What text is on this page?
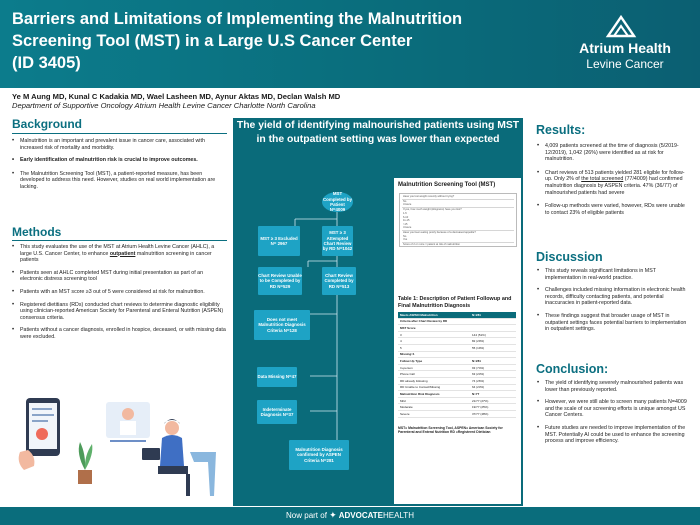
Barriers and Limitations of Implementing the Malnutrition
Screening Tool (MST) in a Large U.S Cancer Center
(ID 3405)
Atrium Health
Levine Cancer
Ye M Aung MD, Kunal C Kadakia MD, Wael Lasheen MD, Aynur Aktas MD, Declan Walsh MD
Department of Supportive Oncology Atrium Health Levine Cancer Charlotte North Carolina
Background
• Malnutrition is an important and prevalent issue in cancer care, associated with increased risk of mortality and morbidity.
• Early identification of malnutrition risk is crucial to improve outcomes.
• The Malnutrition Screening Tool (MST), a patient-reported measure, has been developed to address this need. However, studies on real world implementation are lacking.
Methods
• This study evaluates the use of the MST at Atrium Health Levine Cancer (AHLC), a large U.S. Cancer Center, to enhance outpatient malnutrition screening in cancer patients
• Patients seen at AHLC completed MST during initial presentation as part of an electronic distress screening tool
• Patients with an MST score ≥3 out of 5 were considered at risk for malnutrition.
• Registered dietitians (RDs) conducted chart reviews to determine diagnostic eligibility using clinician-reported American Society for Parenteral and Enteral Nutrition (ASPEN) consensus criteria.
• Patients without a cancer diagnosis, enrolled in hospice, deceased, or with missing data were excluded.
The yield of identifying malnourished patients using MST in the outpatient setting was lower than expected
MST Completed by Patient N=4009
MST ≥ 3 Excluded N= 2967
MST ≥ 3 Attempted Chart Review by RD N=1042
Chart Review Unable to be Completed by RD N=529
Chart Review Completed by RD N=513
Does not meet Malnutrition Diagnosis Criteria N=128
Data Missing N=47
Indeterminate Diagnosis N=37
Malnutrition Diagnosis confirmed by ASPEN Criteria N=281
Malnutrition Screening Tool (MST)
Have you lost weight recently without trying?
No
Unsure
If yes, how much weight (kilograms) have you lost?
1-5
6-10
11-15
>15
Unsure
Have you been eating poorly because of a decreased appetite?
No
Yes
Score of 2 or more = patient at risk of malnutrition
Table 1: Description of Patient Followup and Final Malnutrition Diagnosis
Meets ASPEN Malnutrition	N=281
Criteria after Chart Review by RD
MST Score
3	144 (51%)
4	82 (29%)
5	55 (19%)
Missing=1
Follow-Up Type	N=281
In-person	93 (74%)
Phone Call	63 (23%)
RD already following	74 (26%)
RD Unable to Contact/Missing	64 (23%)
Malnutrition Risk Diagnosis	N=77
Mild	21/77 (27%)
Moderate	19/77 (25%)
Severe	37/77 (48%)
MST= Malnutrition Screening Tool, ASPEN= American Society for Parenteral and Enteral Nutrition RD =Registered Dietician
Results:
• 4,009 patients screened at the time of diagnosis (5/2019-12/2019), 1,042 (26%) were identified as at risk for malnutrition.
• Chart reviews of 513 patients yielded 281 eligible for follow-up. Only 2% of the total screened (77/4009) had confirmed malnutrition diagnosis by ASPEN criteria. 47% (36/77) of malnourished patients had severe
• Follow-up methods were varied, however, RDs were unable to contact 23% of eligible patients
Discussion
• This study reveals significant limitations in MST implementation in real-world practice.
• Challenges included missing information in electronic health records, difficulty contacting patients, and potential inaccuracies in patient-reported data.
• These findings suggest that broader usage of MST in outpatient settings faces potential barriers to implementation in outpatient settings.
Conclusion:
• The yield of identifying severely malnourished patients was lower than previously reported.
• However, we were still able to screen many patients N=4009 and the scale of our screening efforts is unique amongst US Cancer Centers.
• Future studies are needed to improve implementation of the MST. Potentially AI could be used to enhance the screening process and improve efficiency.
Now part of ✦ ADVOCATEHEALTH
